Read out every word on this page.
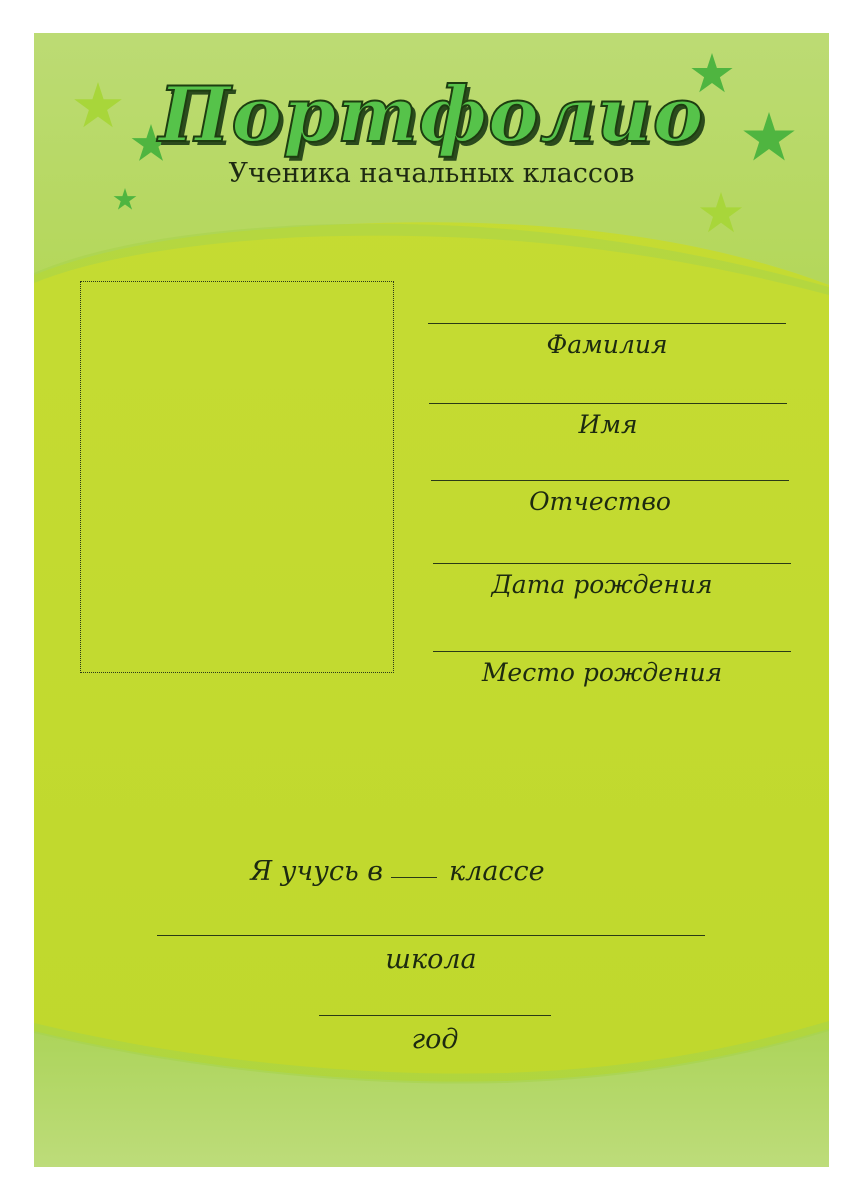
Портфолио
Ученика начальных классов
Фамилия
Имя
Отчество
Дата рождения
Место рождения
Я учусь в классе
школа
год
